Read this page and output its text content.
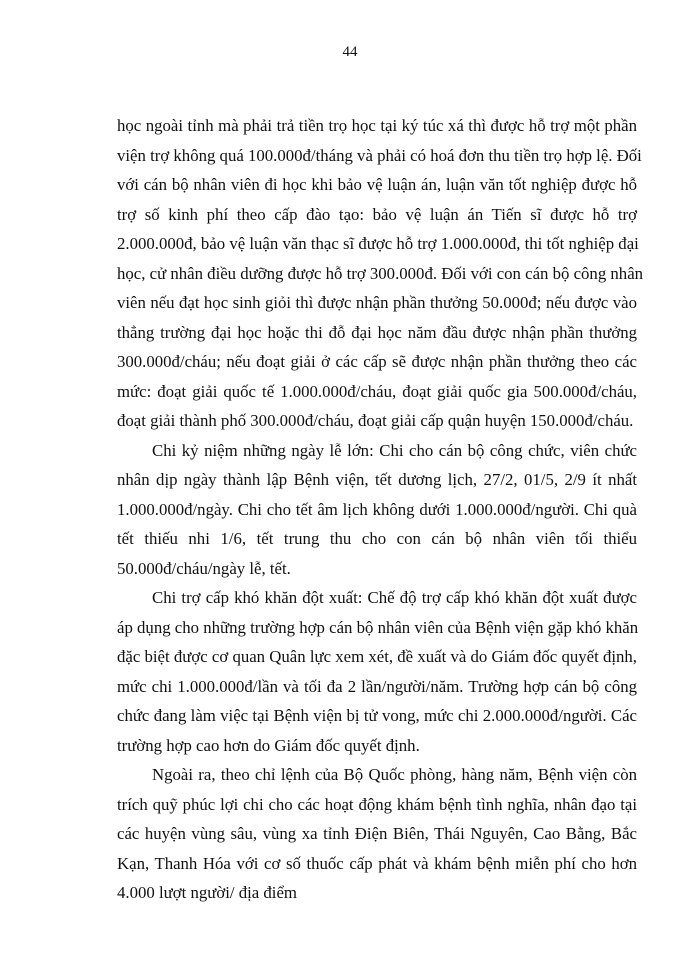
44
học ngoài tỉnh mà phải trả tiền trọ học tại ký túc xá thì được hỗ trợ một phần
viện trợ không quá 100.000đ/tháng và phải có hoá đơn thu tiền trọ hợp lệ. Đối
với cán bộ nhân viên đi học khi bảo vệ luận án, luận văn tốt nghiệp được hỗ
trợ số kinh phí theo cấp đào tạo: bảo vệ luận án Tiến sĩ được hỗ trợ
2.000.000đ, bảo vệ luận văn thạc sĩ được hỗ trợ 1.000.000đ, thi tốt nghiệp đại
học, cử nhân điều dưỡng được hỗ trợ 300.000đ. Đối với con cán bộ công nhân
viên nếu đạt học sinh giỏi thì được nhận phần thưởng 50.000đ; nếu được vào
thẳng trường đại học hoặc thi đỗ đại học năm đầu được nhận phần thưởng
300.000đ/cháu; nếu đoạt giải ở các cấp sẽ được nhận phần thưởng theo các
mức: đoạt giải quốc tế 1.000.000đ/cháu, đoạt giải quốc gia 500.000đ/cháu,
đoạt giải thành phố 300.000đ/cháu, đoạt giải cấp quận huyện 150.000đ/cháu.
Chi kỷ niệm những ngày lễ lớn: Chi cho cán bộ công chức, viên chức
nhân dịp ngày thành lập Bệnh viện, tết dương lịch, 27/2, 01/5, 2/9 ít nhất
1.000.000đ/ngày. Chi cho tết âm lịch không dưới 1.000.000đ/người. Chi quà
tết thiếu nhi 1/6, tết trung thu cho con cán bộ nhân viên tối thiểu
50.000đ/cháu/ngày lễ, tết.
Chi trợ cấp khó khăn đột xuất: Chế độ trợ cấp khó khăn đột xuất được
áp dụng cho những trường hợp cán bộ nhân viên của Bệnh viện gặp khó khăn
đặc biệt được cơ quan Quân lực xem xét, đề xuất và do Giám đốc quyết định,
mức chi 1.000.000đ/lần và tối đa 2 lần/người/năm. Trường hợp cán bộ công
chức đang làm việc tại Bệnh viện bị tử vong, mức chi 2.000.000đ/người. Các
trường hợp cao hơn do Giám đốc quyết định.
Ngoài ra, theo chỉ lệnh của Bộ Quốc phòng, hàng năm, Bệnh viện còn
trích quỹ phúc lợi chi cho các hoạt động khám bệnh tình nghĩa, nhân đạo tại
các huyện vùng sâu, vùng xa tỉnh Điện Biên, Thái Nguyên, Cao Bằng, Bắc
Kạn, Thanh Hóa với cơ số thuốc cấp phát và khám bệnh miễn phí cho hơn
4.000 lượt người/ địa điểm
